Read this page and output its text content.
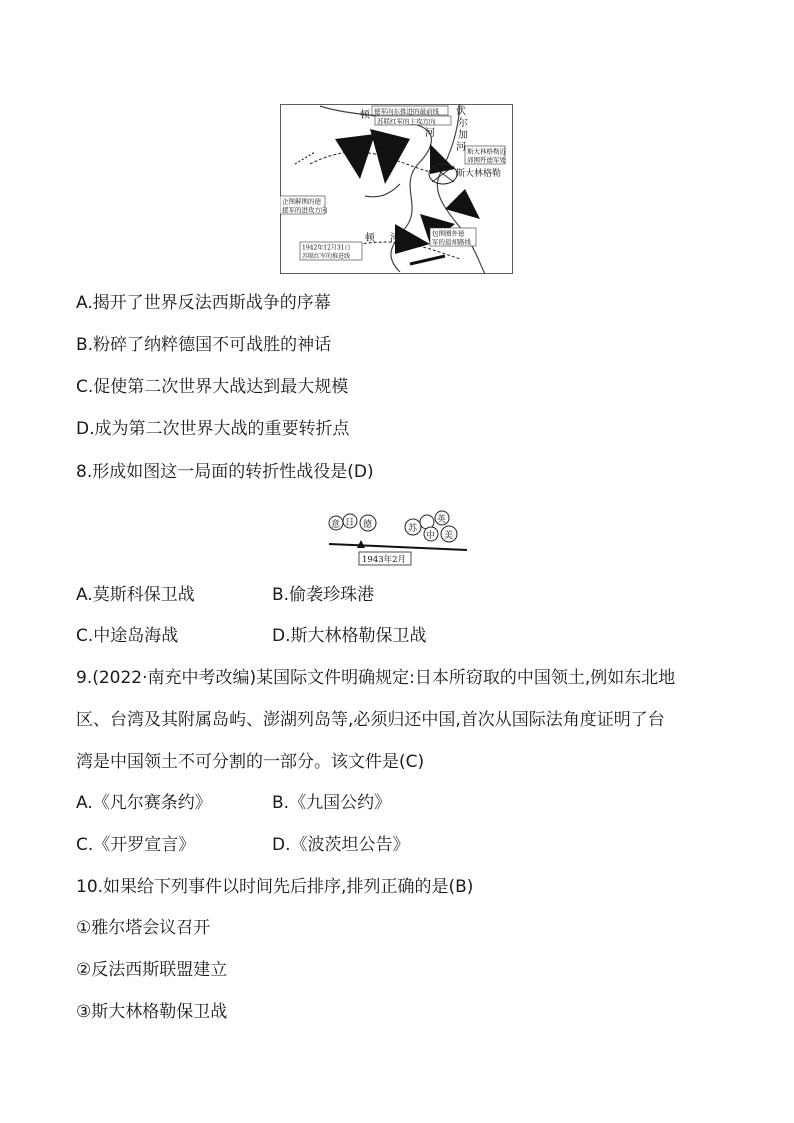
顿
河
河
顿
伏
尔
加
河
斯大林格勒
德军向东推进的最前线
苏联红军的主攻方向
斯大林格勒近
郊围歼德军处
企图解围的德
援军的进攻方向
包围圈外德
军的退却路线
1942年12月31日
苏联红军的推进线
A.揭开了世界反法西斯战争的序幕
B.粉碎了纳粹德国不可战胜的神话
C.促使第二次世界大战达到最大规模
D.成为第二次世界大战的重要转折点
8.形成如图这一局面的转折性战役是(D)
意 日 德	苏
英
中 美
1943年2月
A.莫斯科保卫战	B.偷袭珍珠港
C.中途岛海战	D.斯大林格勒保卫战
9.(2022·南充中考改编)某国际文件明确规定:日本所窃取的中国领土,例如东北地
区、台湾及其附属岛屿、澎湖列岛等,必须归还中国,首次从国际法角度证明了台
湾是中国领土不可分割的一部分。该文件是(C)
A.《凡尔赛条约》	B.《九国公约》
C.《开罗宣言》	D.《波茨坦公告》
10.如果给下列事件以时间先后排序,排列正确的是(B)
①雅尔塔会议召开
②反法西斯联盟建立
③斯大林格勒保卫战
